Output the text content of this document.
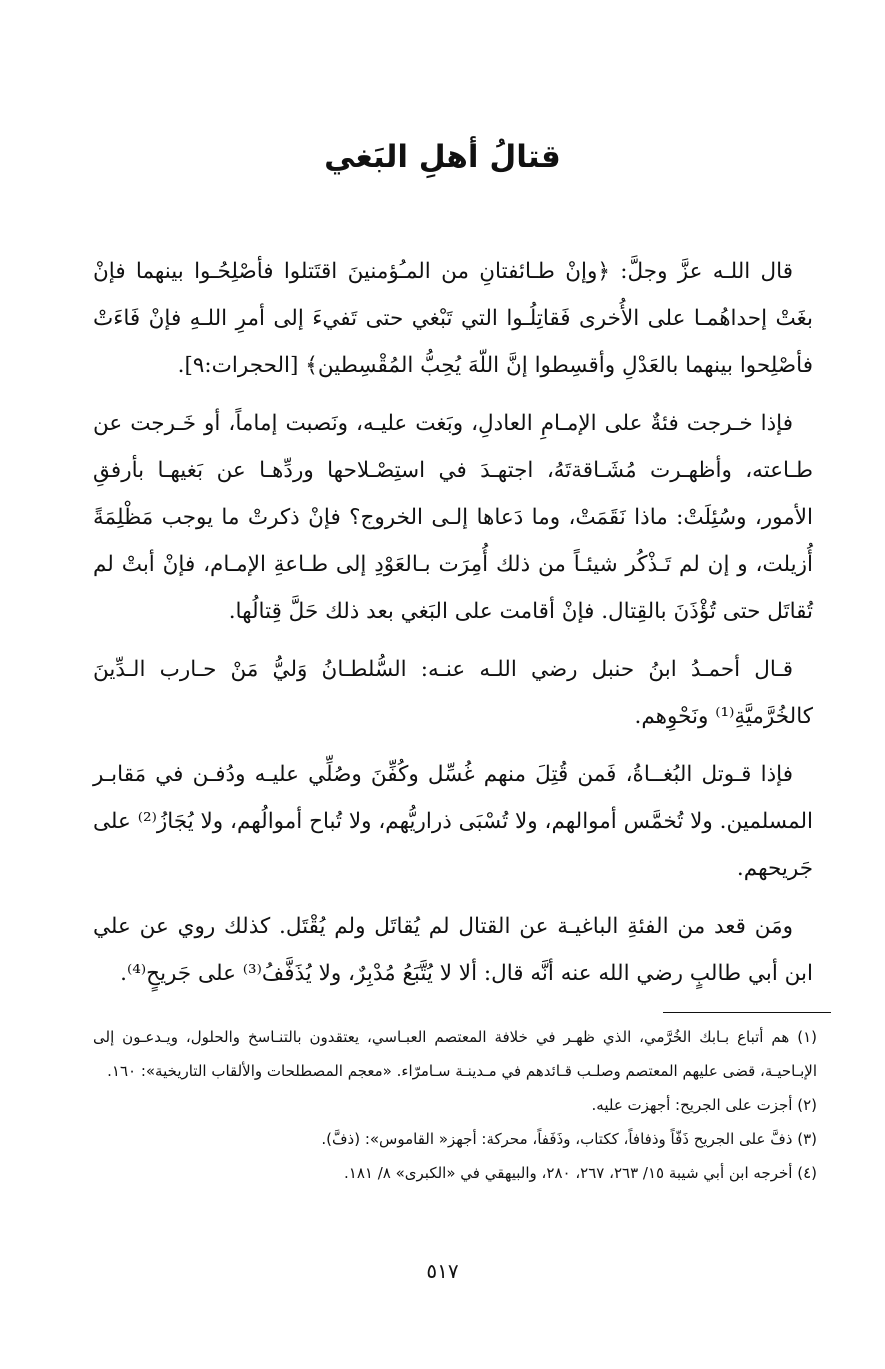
قتالُ أهلِ البَغي

قال اللـه عزَّ وجلَّ: ﴿وإنْ طـائفتانِ من المـُؤمنينَ اقتَتلوا فأصْلِحُـوا بينهما فإنْ بغَتْ إحداهُمـا على الأُخرى فَقاتِلُـوا التي تَبْغي حتى تَفيءَ إلى أمرِ اللـهِ فإنْ فَاءَتْ فأصْلِحوا بينهما بالعَدْلِ وأقسِطوا إنَّ اللّهَ يُحِبُّ المُقْسِطين﴾ [الحجرات:٩].

فإذا خـرجت فئةٌ على الإمـامِ العادلِ، وبَغت عليـه، ونَصبت إماماً، أو خَـرجت عن طـاعته، وأظهـرت مُشَـاقةتَهُ، اجتهـدَ في استِصْـلاحها وردِّهـا عن بَغيهـا بأرفقِ الأمور، وسُئِلَتْ: ماذا نَقَمَتْ، وما دَعاها إلـى الخروج؟ فإنْ ذكرتْ ما يوجب مَظْلِمَةً أُزيلت، و إن لم تَـذْكُر شيئـاً من ذلك أُمِرَت بـالعَوْدِ إلى طـاعةِ الإمـام، فإنْ أبتْ لم تُقاتَل حتى تُؤْذَنَ بالقِتال. فإنْ أقامت على البَغي بعد ذلك حَلَّ قِتالُها.

قـال أحمـدُ ابنُ حنبل رضي اللـه عنـه: السُّلطـانُ وَليُّ مَنْ حـارب الـدِّينَ كالخُرَّميَّةِ⁽¹⁾ ونَحْوِهم.

فإذا قـوتل البُغــاةُ، فَمن قُتِلَ منهم غُسِّل وكُفِّنَ وصُلِّي عليـه ودُفـن في مَقابـر المسلمين. ولا تُخمَّس أموالهم، ولا تُسْبَى ذراريُّهم، ولا تُباح أموالُهم، ولا يُجَازُ⁽²⁾ على جَريحهم.

ومَن قعد من الفئةِ الباغيـة عن القتال لم يُقاتَل ولم يُقْتَل. كذلك روي عن علي ابن أبي طالبٍ رضي الله عنه أنَّه قال: ألا لا يُتَّبَعُ مُدْبِرٌ، ولا يُذَفَّفُ⁽³⁾ على جَريحٍ⁽⁴⁾.

(١) هم أتباع بـابك الخُرَّمي، الذي ظهـر في خلافة المعتصم العبـاسي، يعتقدون بالتنـاسخ والحلول، ويـدعـون إلى الإبـاحيـة، قضى عليهم المعتصم وصلـب قـائدهم في مـدينـة سـامرّاء. «معجم المصطلحات والألقاب التاريخية»: ١٦٠.

(٢) أجزت على الجريح: أجهزت عليه.

(٣) ذفَّ على الجريح ذَفّاً وذفافاً، ككتاب، وذَفَفاً، محركة: أجهز« القاموس»: (ذفَّ).

(٤) أخرجه ابن أبي شيبة ١٥/ ٢٦٣، ٢٦٧، ٢٨٠، والبيهقي في «الكبرى» ٨/ ١٨١.

٥١٧
